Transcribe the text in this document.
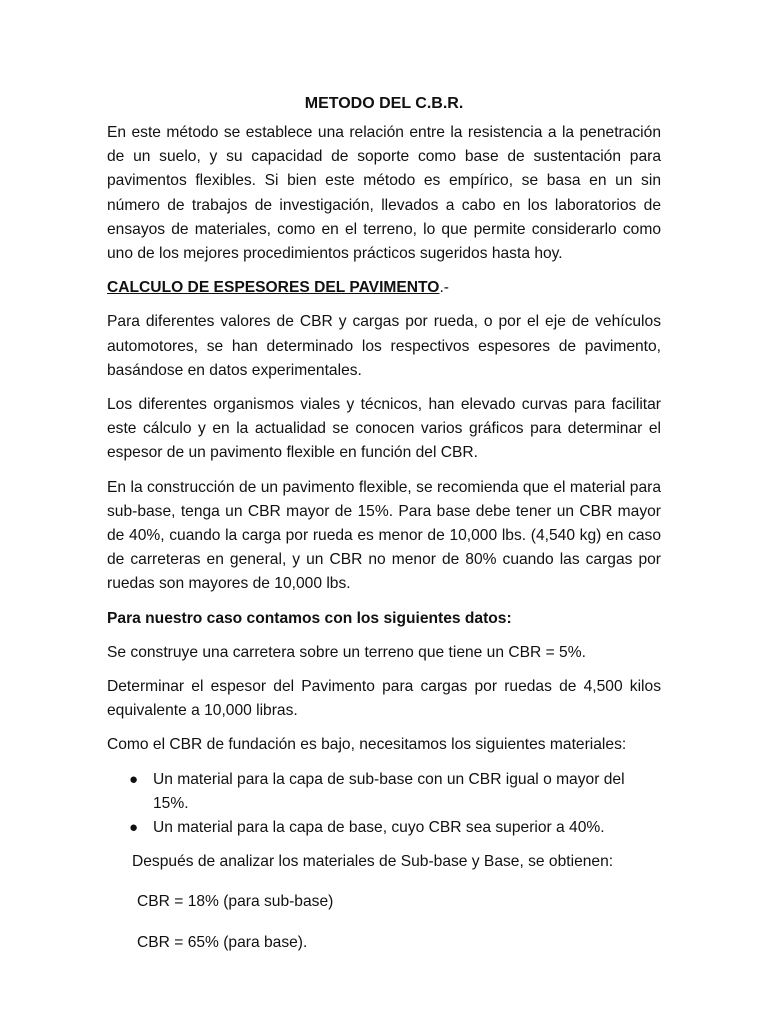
METODO DEL C.B.R.

En este método se establece una relación entre la resistencia a la penetración de un suelo, y su capacidad de soporte como base de sustentación para pavimentos flexibles. Si bien este método es empírico, se basa en un sin número de trabajos de investigación, llevados a cabo en los laboratorios de ensayos de materiales, como en el terreno, lo que permite considerarlo como uno de los mejores procedimientos prácticos sugeridos hasta hoy.

CALCULO DE ESPESORES DEL PAVIMENTO.-

Para diferentes valores de CBR y cargas por rueda, o por el eje de vehículos automotores, se han determinado los respectivos espesores de pavimento, basándose en datos experimentales.

Los diferentes organismos viales y técnicos, han elevado curvas para facilitar este cálculo y en la actualidad se conocen varios gráficos para determinar el espesor de un pavimento flexible en función del CBR.

En la construcción de un pavimento flexible, se recomienda que el material para sub-base, tenga un CBR mayor de 15%. Para base debe tener un CBR mayor de 40%, cuando la carga por rueda es menor de 10,000 lbs. (4,540 kg) en caso de carreteras en general, y un CBR no menor de 80% cuando las cargas por ruedas son mayores de 10,000 lbs.

Para nuestro caso contamos con los siguientes datos:

Se construye una carretera sobre un terreno que tiene un CBR = 5%.

Determinar el espesor del Pavimento para cargas por ruedas de 4,500 kilos equivalente a 10,000 libras.

Como el CBR de fundación es bajo, necesitamos los siguientes materiales:

● Un material para la capa de sub-base con un CBR igual o mayor del 15%.
● Un material para la capa de base, cuyo CBR sea superior a 40%.

Después de analizar los materiales de Sub-base y Base, se obtienen:

CBR = 18% (para sub-base)

CBR = 65% (para base).
